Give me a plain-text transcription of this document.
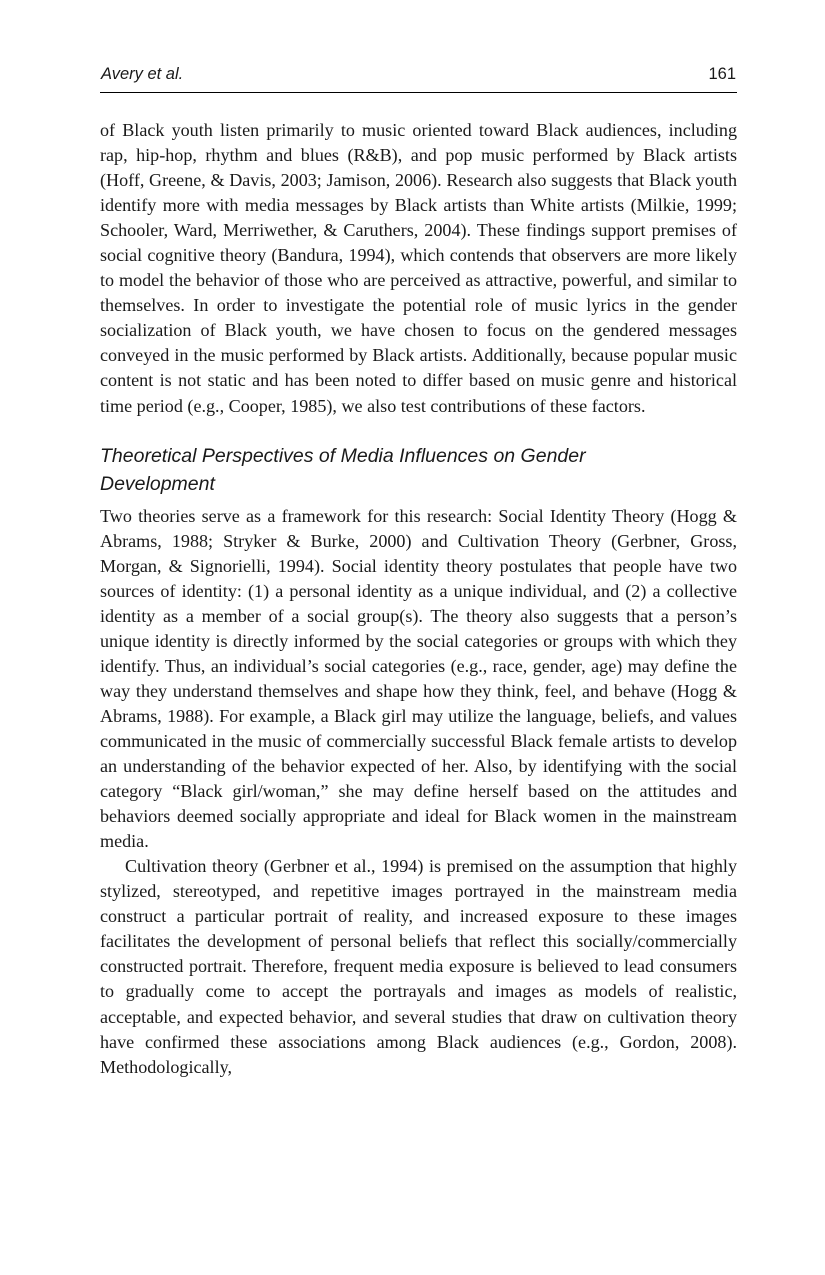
Avery et al.	161

of Black youth listen primarily to music oriented toward Black audiences, including rap, hip-hop, rhythm and blues (R&B), and pop music performed by Black artists (Hoff, Greene, & Davis, 2003; Jamison, 2006). Research also suggests that Black youth identify more with media messages by Black artists than White artists (Milkie, 1999; Schooler, Ward, Merriwether, & Caruthers, 2004). These findings support premises of social cognitive theory (Bandura, 1994), which contends that observers are more likely to model the behavior of those who are perceived as attractive, powerful, and similar to themselves. In order to investigate the potential role of music lyrics in the gender socialization of Black youth, we have chosen to focus on the gendered messages conveyed in the music performed by Black artists. Additionally, because popular music content is not static and has been noted to differ based on music genre and historical time period (e.g., Cooper, 1985), we also test contributions of these factors.

Theoretical Perspectives of Media Influences on Gender Development

Two theories serve as a framework for this research: Social Identity Theory (Hogg & Abrams, 1988; Stryker & Burke, 2000) and Cultivation Theory (Gerbner, Gross, Morgan, & Signorielli, 1994). Social identity theory postulates that people have two sources of identity: (1) a personal identity as a unique individual, and (2) a collective identity as a member of a social group(s). The theory also suggests that a person’s unique identity is directly informed by the social categories or groups with which they identify. Thus, an individual’s social categories (e.g., race, gender, age) may define the way they understand themselves and shape how they think, feel, and behave (Hogg & Abrams, 1988). For example, a Black girl may utilize the language, beliefs, and values communicated in the music of commercially successful Black female artists to develop an understanding of the behavior expected of her. Also, by identifying with the social category “Black girl/woman,” she may define herself based on the attitudes and behaviors deemed socially appropriate and ideal for Black women in the mainstream media.

Cultivation theory (Gerbner et al., 1994) is premised on the assumption that highly stylized, stereotyped, and repetitive images portrayed in the mainstream media construct a particular portrait of reality, and increased exposure to these images facilitates the development of personal beliefs that reflect this socially/commercially constructed portrait. Therefore, frequent media exposure is believed to lead consumers to gradually come to accept the portrayals and images as models of realistic, acceptable, and expected behavior, and several studies that draw on cultivation theory have confirmed these associations among Black audiences (e.g., Gordon, 2008). Methodologically,
